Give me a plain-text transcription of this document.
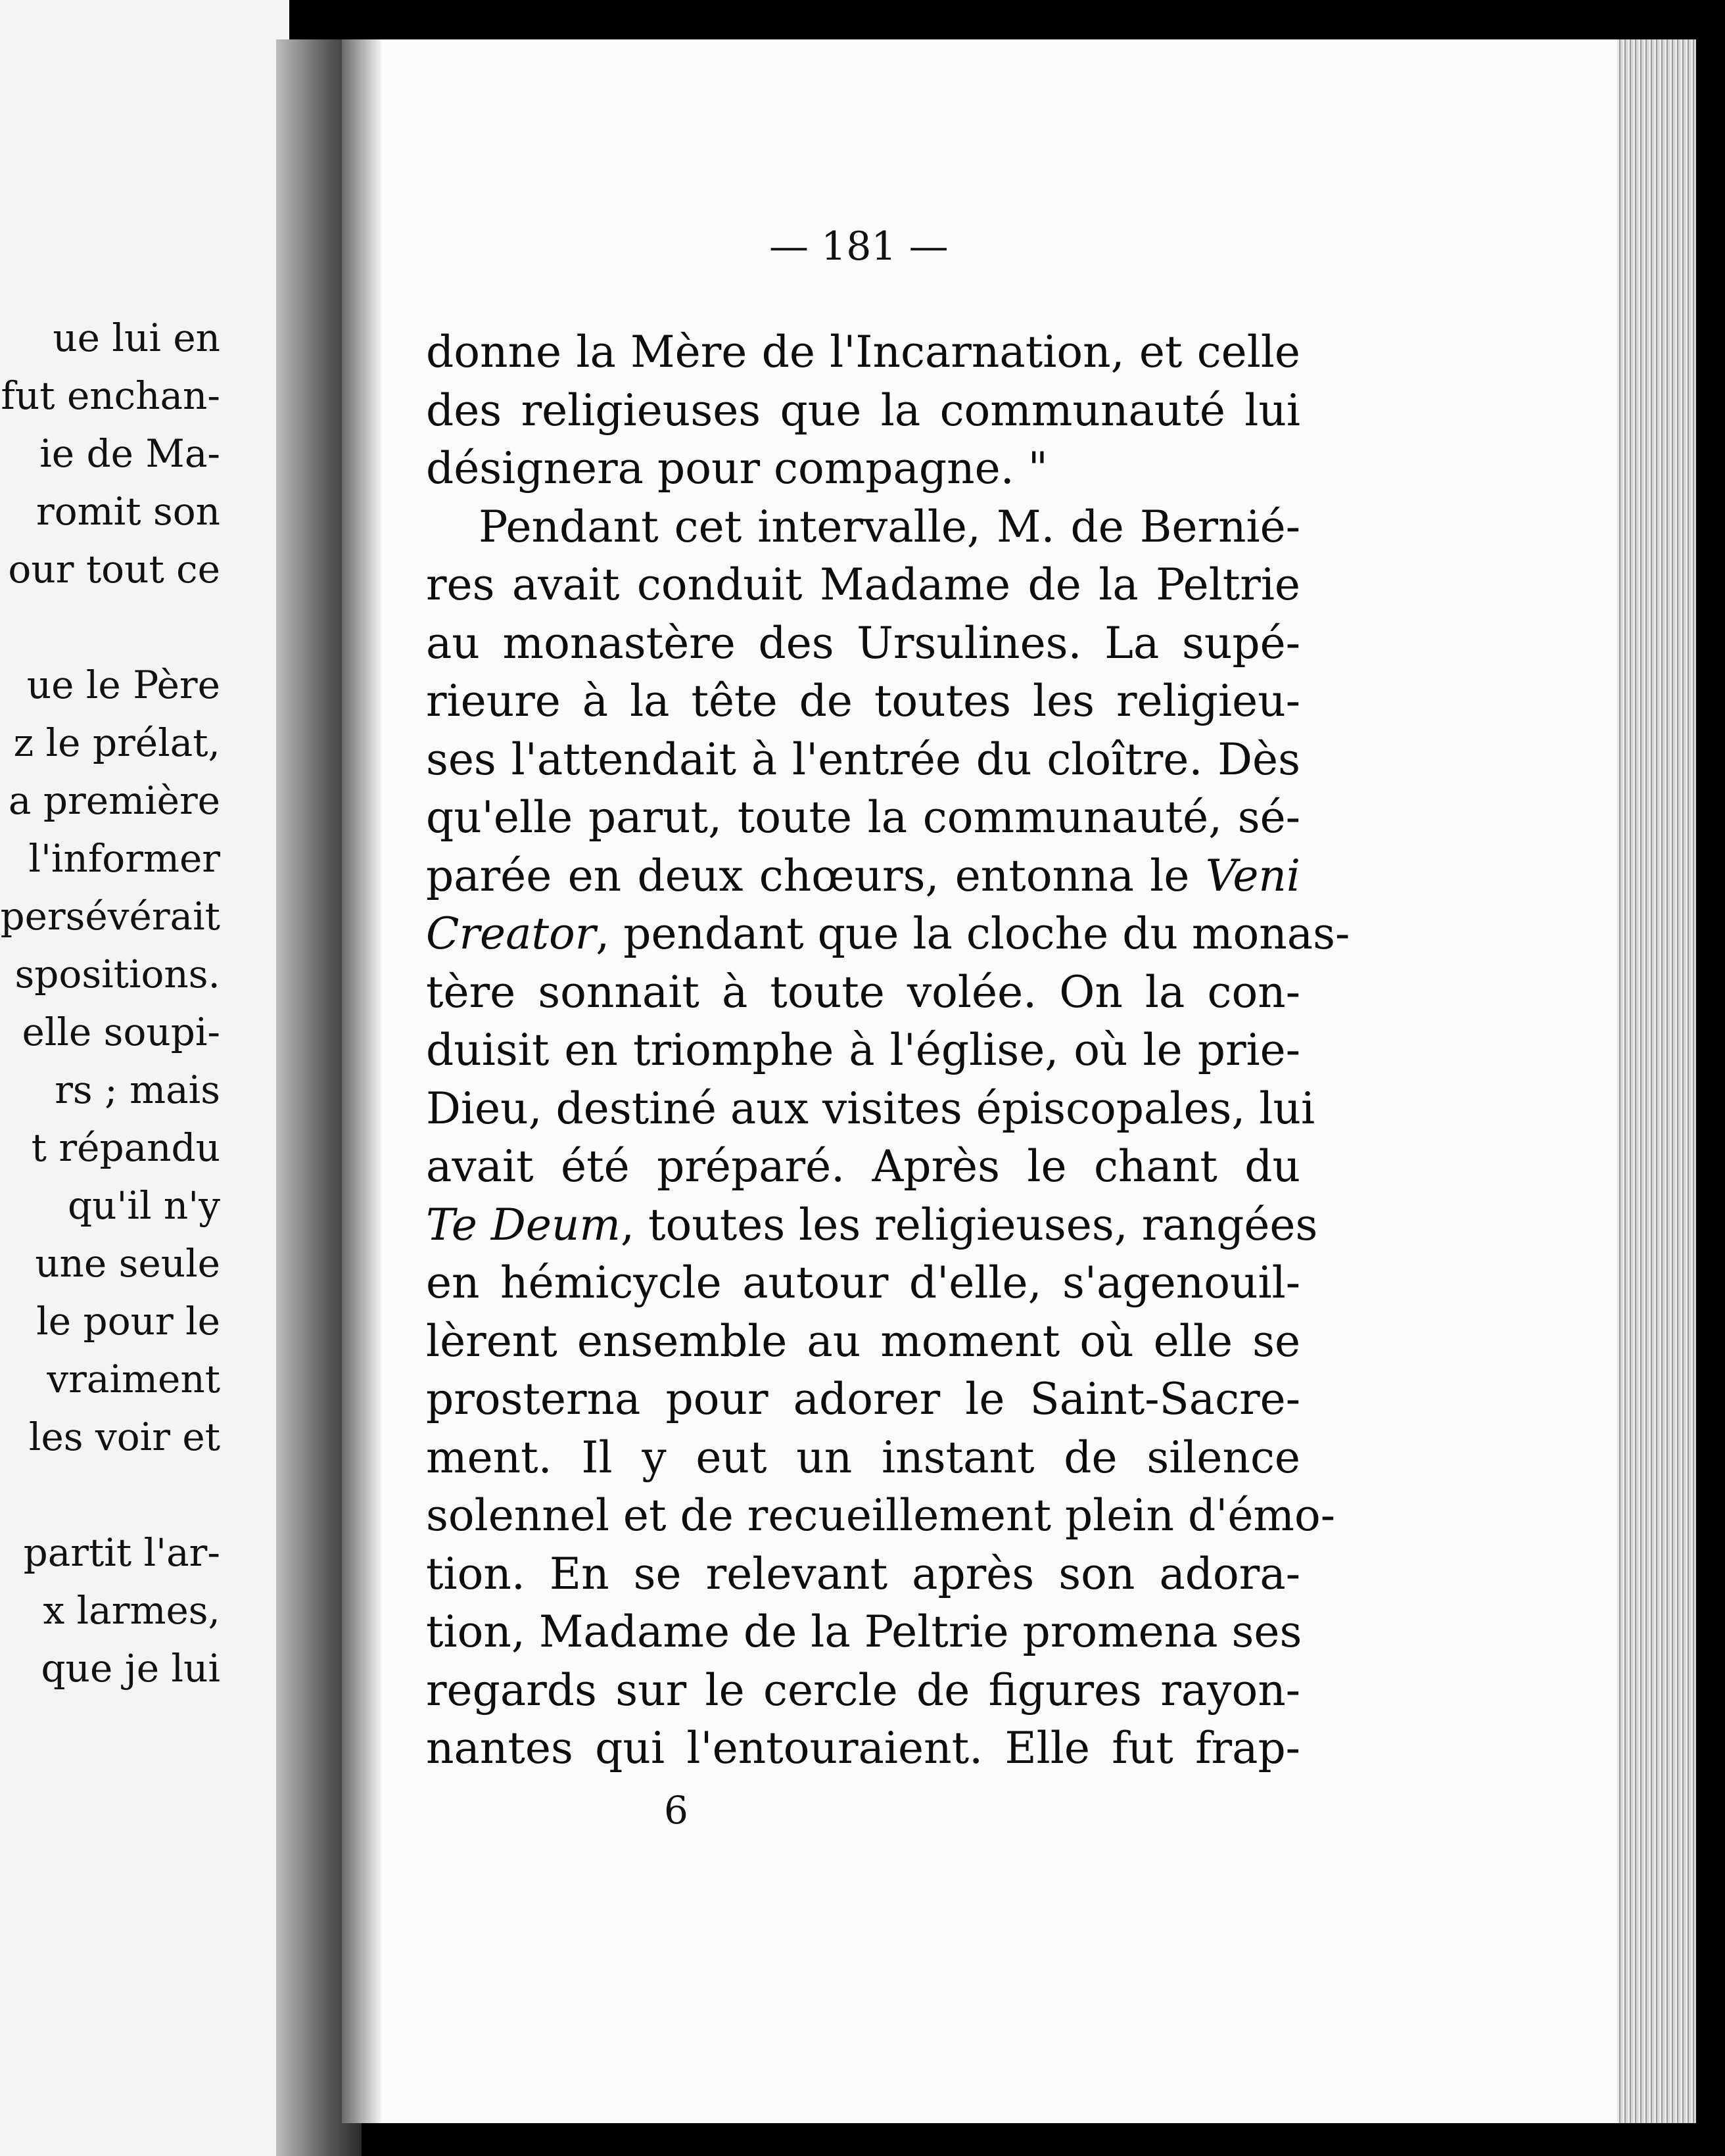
ue lui en
fut enchan-
ie de Ma-
romit son
our tout ce
ue le Père
z le prélat,
a première
l'informer
persévérait
spositions.
elle soupi-
rs ; mais
t répandu
qu'il n'y
une seule
le pour le
vraiment
les voir et
partit l'ar-
x larmes,
que je lui
— 181 —
donne la Mère de l'Incarnation, et celle
des religieuses que la communauté lui
désignera pour compagne. "
Pendant cet intervalle, M. de Bernié-
res avait conduit Madame de la Peltrie
au monastère des Ursulines. La supé-
rieure à la tête de toutes les religieu-
ses l'attendait à l'entrée du cloître. Dès
qu'elle parut, toute la communauté, sé-
parée en deux chœurs, entonna le Veni
Creator, pendant que la cloche du monas-
tère sonnait à toute volée. On la con-
duisit en triomphe à l'église, où le prie-
Dieu, destiné aux visites épiscopales, lui
avait été préparé. Après le chant du
Te Deum, toutes les religieuses, rangées
en hémicycle autour d'elle, s'agenouil-
lèrent ensemble au moment où elle se
prosterna pour adorer le Saint-Sacre-
ment. Il y eut un instant de silence
solennel et de recueillement plein d'émo-
tion. En se relevant après son adora-
tion, Madame de la Peltrie promena ses
regards sur le cercle de figures rayon-
nantes qui l'entouraient. Elle fut frap-
6
